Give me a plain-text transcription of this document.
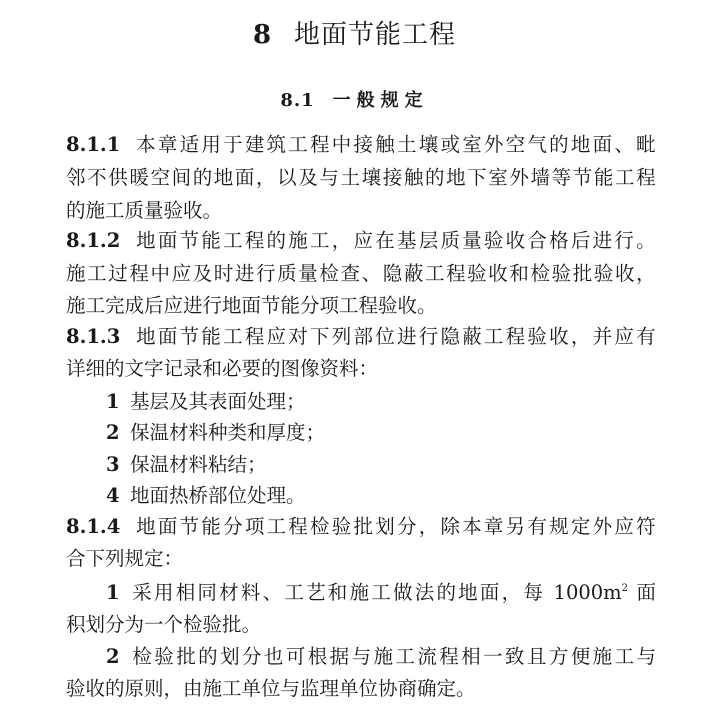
8 地面节能工程
8.1 一般规定
8.1.1 本章适用于建筑工程中接触土壤或室外空气的地面、毗
邻不供暖空间的地面，以及与土壤接触的地下室外墙等节能工程
的施工质量验收。
8.1.2 地面节能工程的施工，应在基层质量验收合格后进行。
施工过程中应及时进行质量检查、隐蔽工程验收和检验批验收，
施工完成后应进行地面节能分项工程验收。
8.1.3 地面节能工程应对下列部位进行隐蔽工程验收，并应有
详细的文字记录和必要的图像资料：
1 基层及其表面处理；
2 保温材料种类和厚度；
3 保温材料粘结；
4 地面热桥部位处理。
8.1.4 地面节能分项工程检验批划分，除本章另有规定外应符
合下列规定：
1 采用相同材料、工艺和施工做法的地面，每 $1000m^2$ 面
积划分为一个检验批。
2 检验批的划分也可根据与施工流程相一致且方便施工与
验收的原则，由施工单位与监理单位协商确定。
